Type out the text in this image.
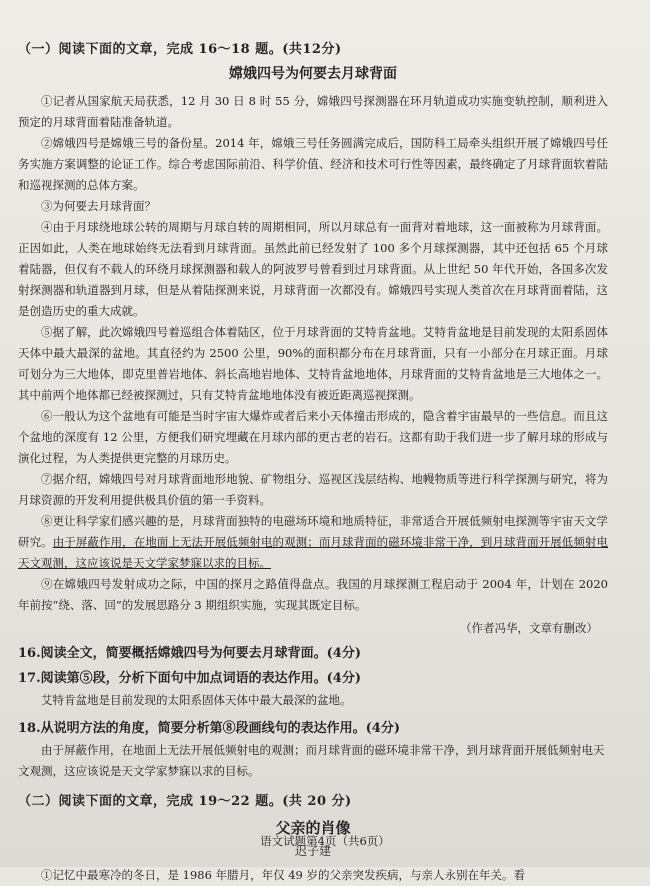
（一）阅读下面的文章，完成 16～18 题。(共12分)
嫦娥四号为何要去月球背面

①记者从国家航天局获悉，12 月 30 日 8 时 55 分，嫦娥四号探测器在环月轨道成功实施变轨控制，顺利进入预定的月球背面着陆准备轨道。

②嫦娥四号是嫦娥三号的备份星。2014 年，嫦娥三号任务圆满完成后，国防科工局牵头组织开展了嫦娥四号任务实施方案调整的论证工作。综合考虑国际前沿、科学价值、经济和技术可行性等因素，最终确定了月球背面软着陆和巡视探测的总体方案。

③为何要去月球背面？

④由于月球绕地球公转的周期与月球自转的周期相同，所以月球总有一面背对着地球，这一面被称为月球背面。正因如此，人类在地球始终无法看到月球背面。虽然此前已经发射了 100 多个月球探测器，其中还包括 65 个月球着陆器，但仅有不载人的环绕月球探测器和载人的阿波罗号曾看到过月球背面。从上世纪 50 年代开始，各国多次发射探测器和轨道器到月球，但是从着陆探测来说，月球背面一次都没有。嫦娥四号实现人类首次在月球背面着陆，这是创造历史的重大成就。

⑤据了解，此次嫦娥四号着巡组合体着陆区，位于月球背面的艾特肯盆地。艾特肯盆地是目前发现的太阳系固体天体中最大最深的盆地。其直径约为 2500 公里，90%的面积都分布在月球背面，只有一小部分在月球正面。月球可划分为三大地体，即克里普岩地体、斜长高地岩地体、艾特肯盆地地体，月球背面的艾特肯盆地是三大地体之一。其中前两个地体都已经被探测过，只有艾特肯盆地地体没有被近距离巡视探测。

⑥一般认为这个盆地有可能是当时宇宙大爆炸或者后来小天体撞击形成的，隐含着宇宙最早的一些信息。而且这个盆地的深度有 12 公里，方便我们研究埋藏在月球内部的更古老的岩石。这都有助于我们进一步了解月球的形成与演化过程，为人类提供更完整的月球历史。

⑦据介绍，嫦娥四号对月球背面地形地貌、矿物组分、巡视区浅层结构、地幔物质等进行科学探测与研究，将为月球资源的开发利用提供极具价值的第一手资料。

⑧更让科学家们感兴趣的是，月球背面独特的电磁场环境和地质特征，非常适合开展低频射电探测等宇宙天文学研究。由于屏蔽作用，在地面上无法开展低频射电的观测；而月球背面的磁环境非常干净，到月球背面开展低频射电天文观测，这应该说是天文学家梦寐以求的目标。

⑨在嫦娥四号发射成功之际，中国的探月之路值得盘点。我国的月球探测工程启动于 2004 年，计划在 2020 年前按“绕、落、回”的发展思路分 3 期组织实施，实现其既定目标。

（作者冯华，文章有删改）
16.阅读全文，简要概括嫦娥四号为何要去月球背面。(4分)
17.阅读第⑤段，分析下面句中加点词语的表达作用。(4分)
艾特肯盆地是目前发现的太阳系固体天体中最大最深的盆地。
18.从说明方法的角度，简要分析第⑧段画线句的表达作用。(4分)
由于屏蔽作用，在地面上无法开展低频射电的观测；而月球背面的磁环境非常干净，到月球背面开展低频射电天文观测，这应该说是天文学家梦寐以求的目标。
（二）阅读下面的文章，完成 19～22 题。(共 20 分)
父亲的肖像
迟子建

①记忆中最寒冷的冬日，是 1986 年腊月，年仅 49 岁的父亲突发疾病，与亲人永别在年关。看

语文试题第4页（共6页）
